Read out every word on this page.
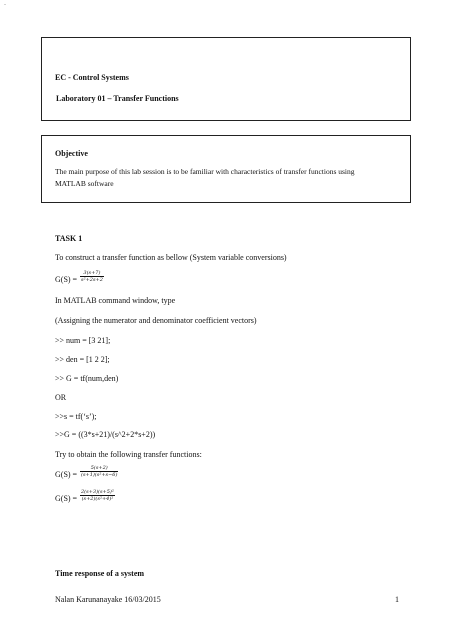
-
EC - Control Systems
Laboratory 01 – Transfer Functions
Objective
The main purpose of this lab session is to be familiar with characteristics of transfer functions using
MATLAB software
TASK 1
To construct a transfer function as bellow (System variable conversions)
$G(S) = \frac{3(s+7)}{\text{s²+2s+2}}$
In MATLAB command window, type
(Assigning the numerator and denominator coefficient vectors)
>> num = [3 21];
>> den = [1 2 2];
>> G = tf(num,den)
OR
>>s = tf(‘s’);
>>G = ((3*s+21)/(s^2+2*s+2))
Try to obtain the following transfer functions:
$G(S) = \frac{5(s+2)}{\text{(s+1)(s²+s−6)}}$
$G(S) = \frac{\text{2(s+3)(s+5)²}}{\text{(s+2)(s²+4)²}}$
Time response of a system
Nalan Karunanayake 16/03/2015	1
